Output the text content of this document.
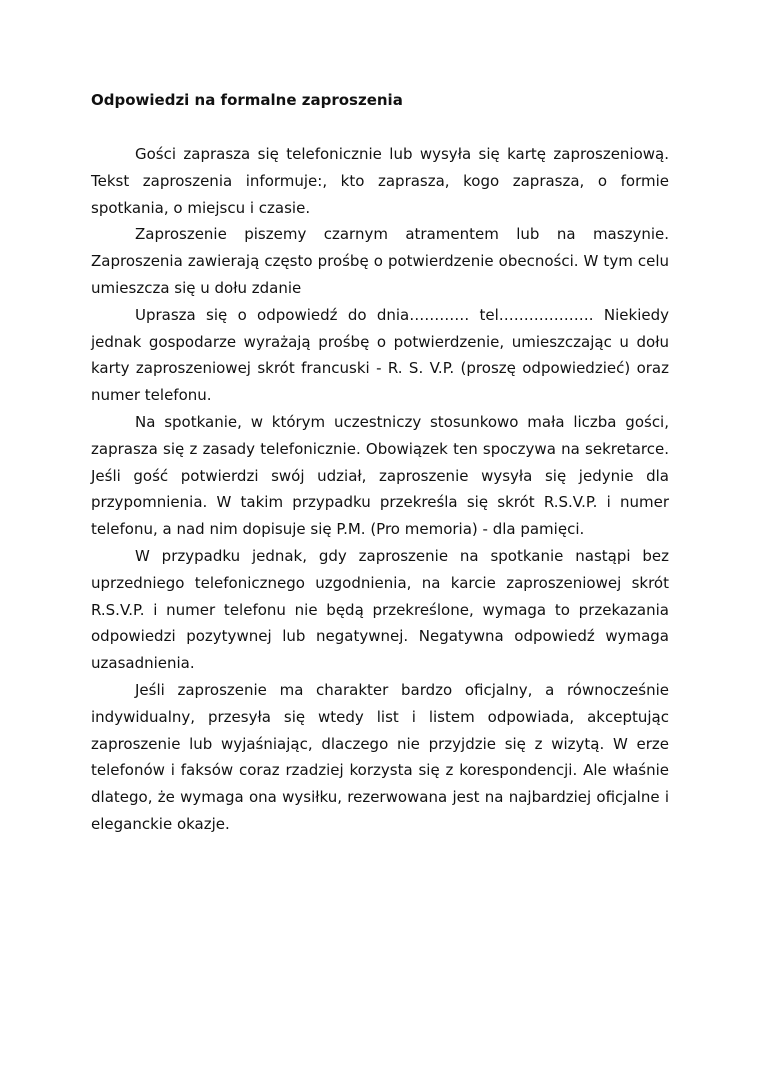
Odpowiedzi na formalne zaproszenia

Gości zaprasza się telefonicznie lub wysyła się kartę zaproszeniową. Tekst zaproszenia informuje:, kto zaprasza, kogo zaprasza, o formie spotkania, o miejscu i czasie.

Zaproszenie piszemy czarnym atramentem lub na maszynie. Zaproszenia zawierają często prośbę o potwierdzenie obecności. W tym celu umieszcza się u dołu zdanie

Uprasza się o odpowiedź do dnia………… tel………………. Niekiedy jednak gospodarze wyrażają prośbę o potwierdzenie, umieszczając u dołu karty zaproszeniowej skrót francuski - R. S. V.P. (proszę odpowiedzieć) oraz numer telefonu.

Na spotkanie, w którym uczestniczy stosunkowo mała liczba gości, zaprasza się z zasady telefonicznie. Obowiązek ten spoczywa na sekretarce. Jeśli gość potwierdzi swój udział, zaproszenie wysyła się jedynie dla przypomnienia. W takim przypadku przekreśla się skrót R.S.V.P. i numer telefonu, a nad nim dopisuje się P.M. (Pro memoria) - dla pamięci.

W przypadku jednak, gdy zaproszenie na spotkanie nastąpi bez uprzedniego telefonicznego uzgodnienia, na karcie zaproszeniowej skrót R.S.V.P. i numer telefonu nie będą przekreślone, wymaga to przekazania odpowiedzi pozytywnej lub negatywnej. Negatywna odpowiedź wymaga uzasadnienia.

Jeśli zaproszenie ma charakter bardzo oficjalny, a równocześnie indywidualny, przesyła się wtedy list i listem odpowiada, akceptując zaproszenie lub wyjaśniając, dlaczego nie przyjdzie się z wizytą. W erze telefonów i faksów coraz rzadziej korzysta się z korespondencji. Ale właśnie dlatego, że wymaga ona wysiłku, rezerwowana jest na najbardziej oficjalne i eleganckie okazje.
